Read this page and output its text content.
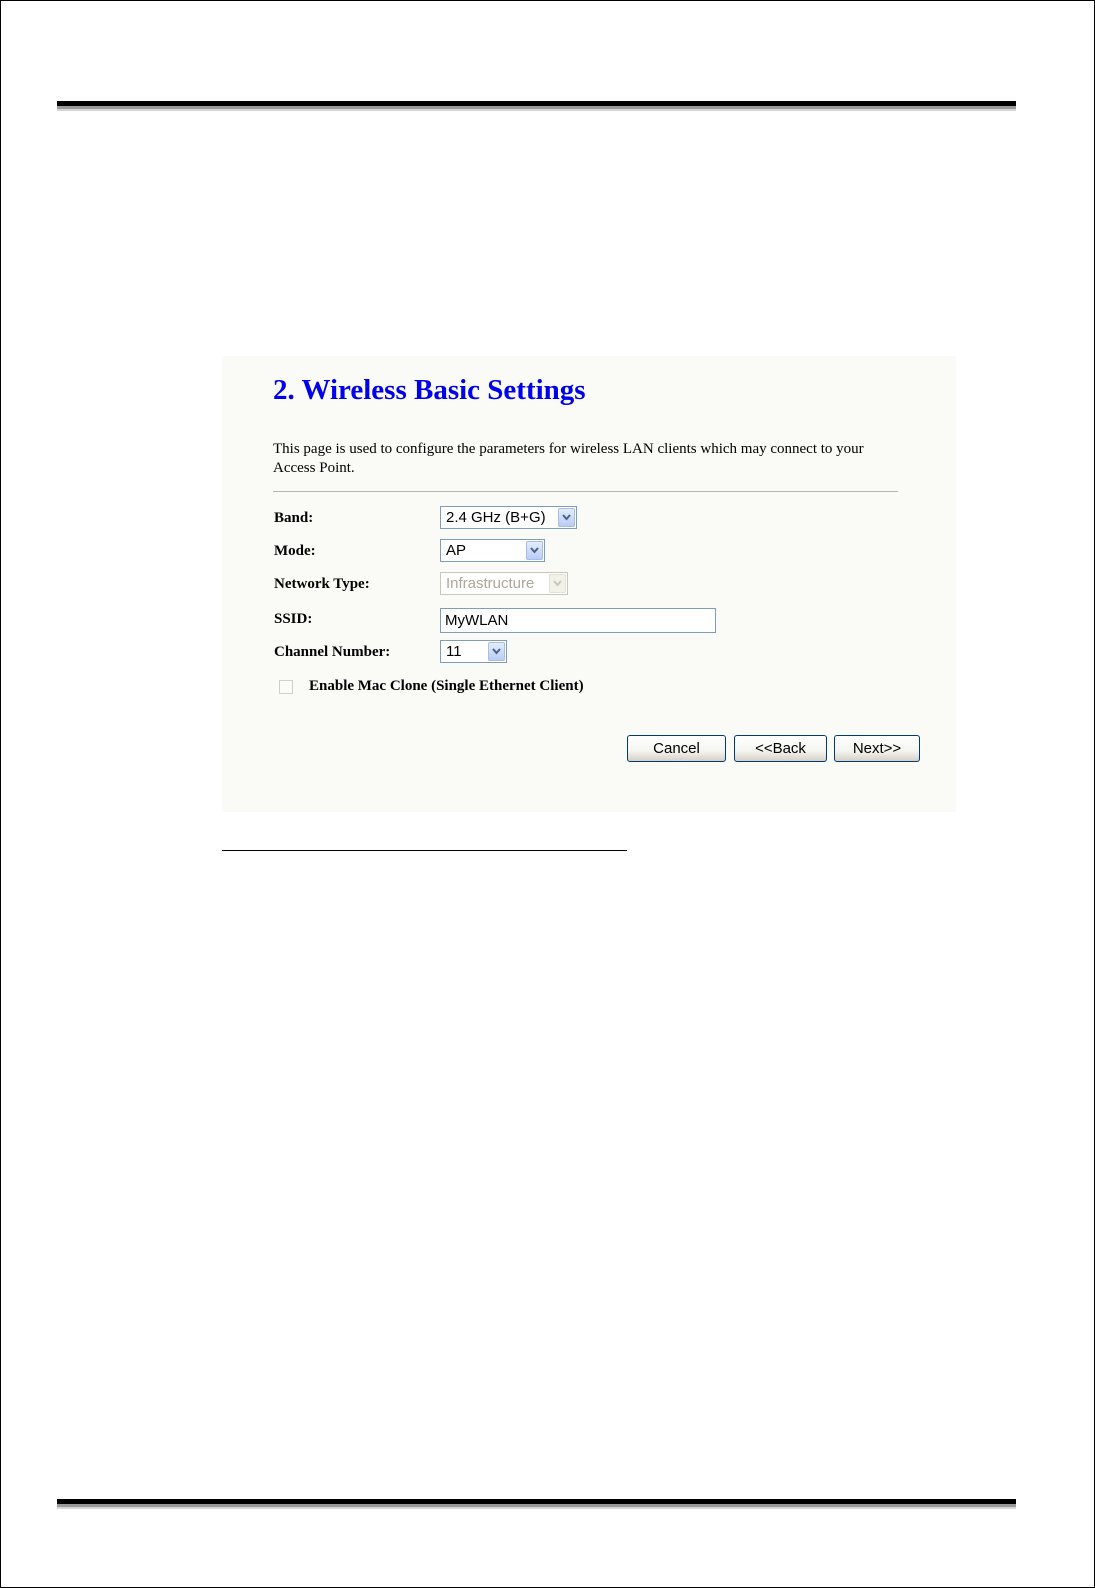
2. Wireless Basic Settings
This page is used to configure the parameters for wireless LAN clients which may connect to your Access Point.
Band:	2.4 GHz (B+G)
Mode:	AP
Network Type:	Infrastructure
SSID:
MyWLAN
Channel Number:	11
Enable Mac Clone (Single Ethernet Client)
Cancel	<<Back	Next>>
